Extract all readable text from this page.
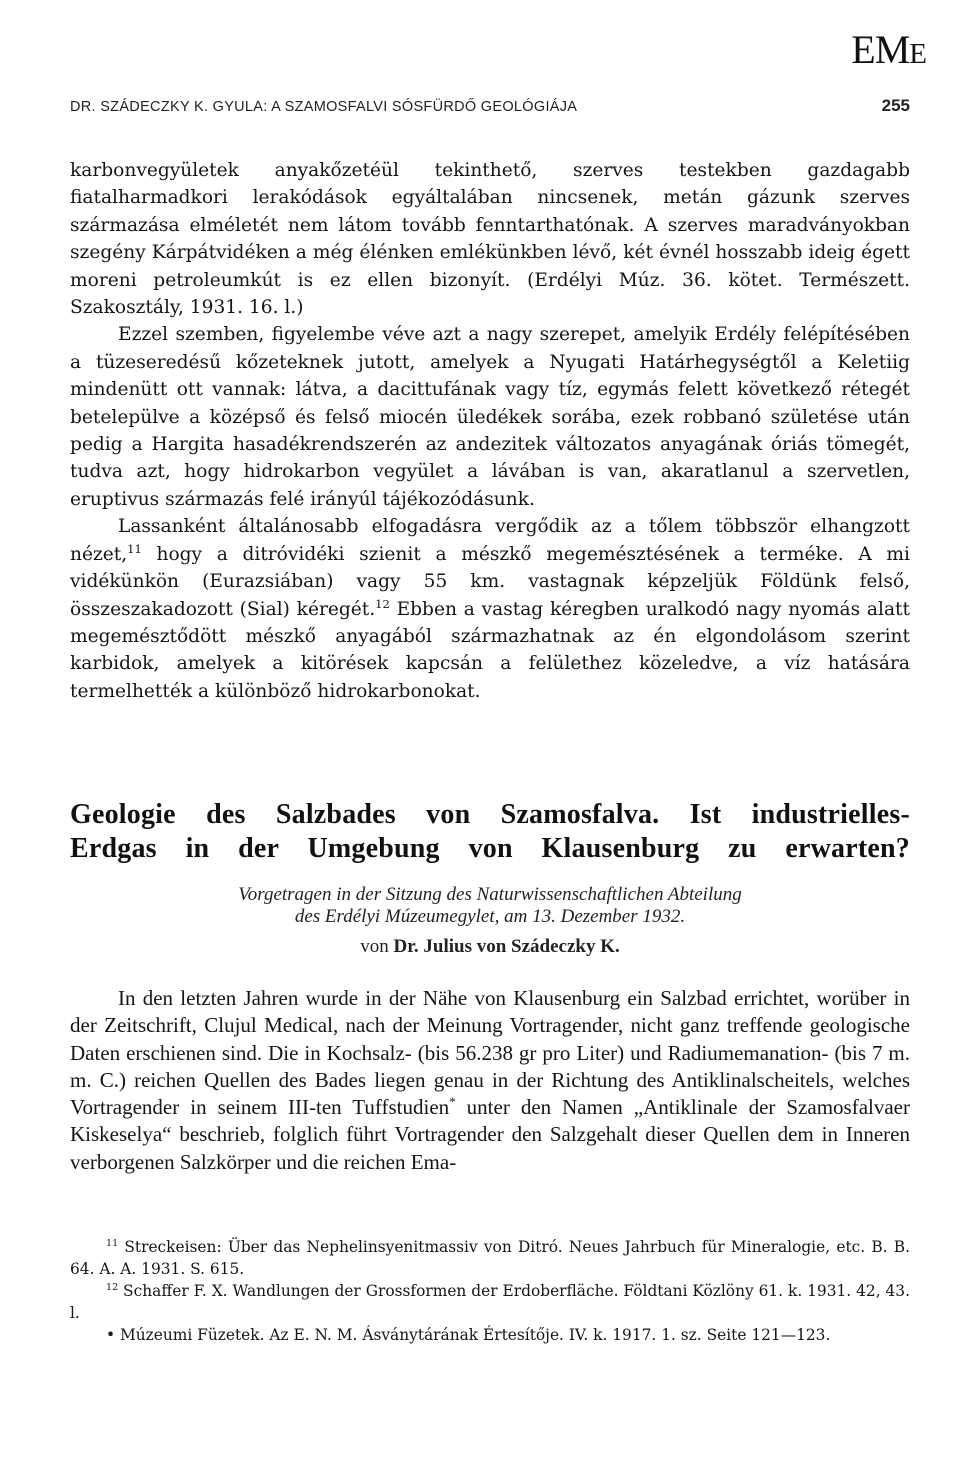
EME
DR. SZÁDECZKY K. GYULA: A SZAMOSFALVI SÓSFÜRDŐ GEOLÓGIÁJA	255

karbonvegyületek anyakőzetéül tekinthető, szerves testekben gazdagabb fiatalharmadkori lerakódások egyáltalában nincsenek, metán gázunk szerves származása elméletét nem látom tovább fenntarthatónak. A szerves maradványokban szegény Kárpátvidéken a még élénken emlékünkben lévő, két évnél hosszabb ideig égett moreni petroleumkút is ez ellen bizonyít. (Erdélyi Múz. 36. kötet. Természett. Szakosztály, 1931. 16. l.)

Ezzel szemben, figyelembe véve azt a nagy szerepet, amelyik Erdély felépítésében a tüzeseredésű kőzeteknek jutott, amelyek a Nyugati Határhegységtől a Keletiig mindenütt ott vannak: látva, a dacittufának vagy tíz, egymás felett következő rétegét betelepülve a középső és felső miocén üledékek sorába, ezek robbanó születése után pedig a Hargita hasadékrendszerén az andezitek változatos anyagának óriás tömegét, tudva azt, hogy hidrokarbon vegyület a lávában is van, akaratlanul a szervetlen, eruptivus származás felé irányúl tájékozódásunk.

Lassanként általánosabb elfogadásra vergődik az a tőlem többször elhangzott nézet,$^{11}$ hogy a ditróvidéki szienit a mészkő megemésztésének a terméke. A mi vidékünkön (Eurazsiában) vagy 55 km. vastagnak képzeljük Földünk felső, összeszakadozott (Sial) kéregét.$^{12}$ Ebben a vastag kéregben uralkodó nagy nyomás alatt megemésztődött mészkő anyagából származhatnak az én elgondolásom szerint karbidok, amelyek a kitörések kapcsán a felülethez közeledve, a víz hatására termelhették a különböző hidrokarbonokat.

Geologie des Salzbades von Szamosfalva. Ist industrielles-
Erdgas in der Umgebung von Klausenburg zu erwarten?
Vorgetragen in der Sitzung des Naturwissenschaftlichen Abteilung
des Erdélyi Múzeumegylet, am 13. Dezember 1932.
von Dr. Julius von Szádeczky K.

In den letzten Jahren wurde in der Nähe von Klausenburg ein Salzbad errichtet, worüber in der Zeitschrift, Clujul Medical, nach der Meinung Vortragender, nicht ganz treffende geologische Daten erschienen sind. Die in Kochsalz- (bis 56.238 gr pro Liter) und Radiumemanation- (bis 7 m. m. C.) reichen Quellen des Bades liegen genau in der Richtung des Antiklinalscheitels, welches Vortragender in seinem III-ten Tuffstudien* unter den Namen „Antiklinale der Szamosfalvaer Kiskeselya“ beschrieb, folglich führt Vortragender den Salzgehalt dieser Quellen dem in Inneren verborgenen Salzkörper und die reichen Ema-

$^{11}$ Streckeisen: Über das Nephelinsyenitmassiv von Ditró. Neues Jahrbuch für Mineralogie, etc. B. B. 64. A. A. 1931. S. 615.

$^{12}$ Schaffer F. X. Wandlungen der Grossformen der Erdoberfläche. Földtani Közlöny 61. k. 1931. 42, 43. l.

• Múzeumi Füzetek. Az E. N. M. Ásványtárának Értesítője. IV. k. 1917. 1. sz. Seite 121—123.
